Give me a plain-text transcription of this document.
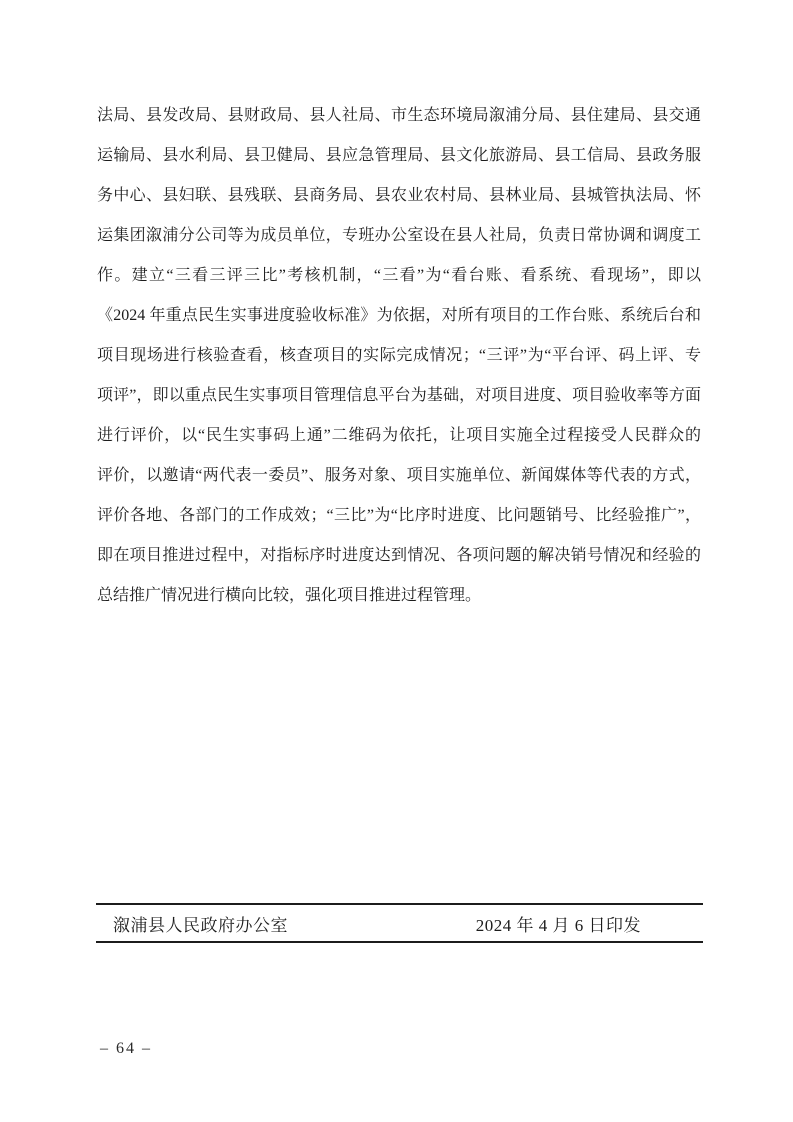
法局、县发改局、县财政局、县人社局、市生态环境局溆浦分局、县住建局、县交通
运输局、县水利局、县卫健局、县应急管理局、县文化旅游局、县工信局、县政务服
务中心、县妇联、县残联、县商务局、县农业农村局、县林业局、县城管执法局、怀
运集团溆浦分公司等为成员单位，专班办公室设在县人社局，负责日常协调和调度工
作。建立“三看三评三比”考核机制，“三看”为“看台账、看系统、看现场”，即以
《2024 年重点民生实事进度验收标准》为依据，对所有项目的工作台账、系统后台和
项目现场进行核验查看，核查项目的实际完成情况；“三评”为“平台评、码上评、专
项评”，即以重点民生实事项目管理信息平台为基础，对项目进度、项目验收率等方面
进行评价，以“民生实事码上通”二维码为依托，让项目实施全过程接受人民群众的
评价，以邀请“两代表一委员”、服务对象、项目实施单位、新闻媒体等代表的方式，
评价各地、各部门的工作成效；“三比”为“比序时进度、比问题销号、比经验推广”，
即在项目推进过程中，对指标序时进度达到情况、各项问题的解决销号情况和经验的
总结推广情况进行横向比较，强化项目推进过程管理。
溆浦县人民政府办公室	2024 年 4 月 6 日印发
– 64 –
